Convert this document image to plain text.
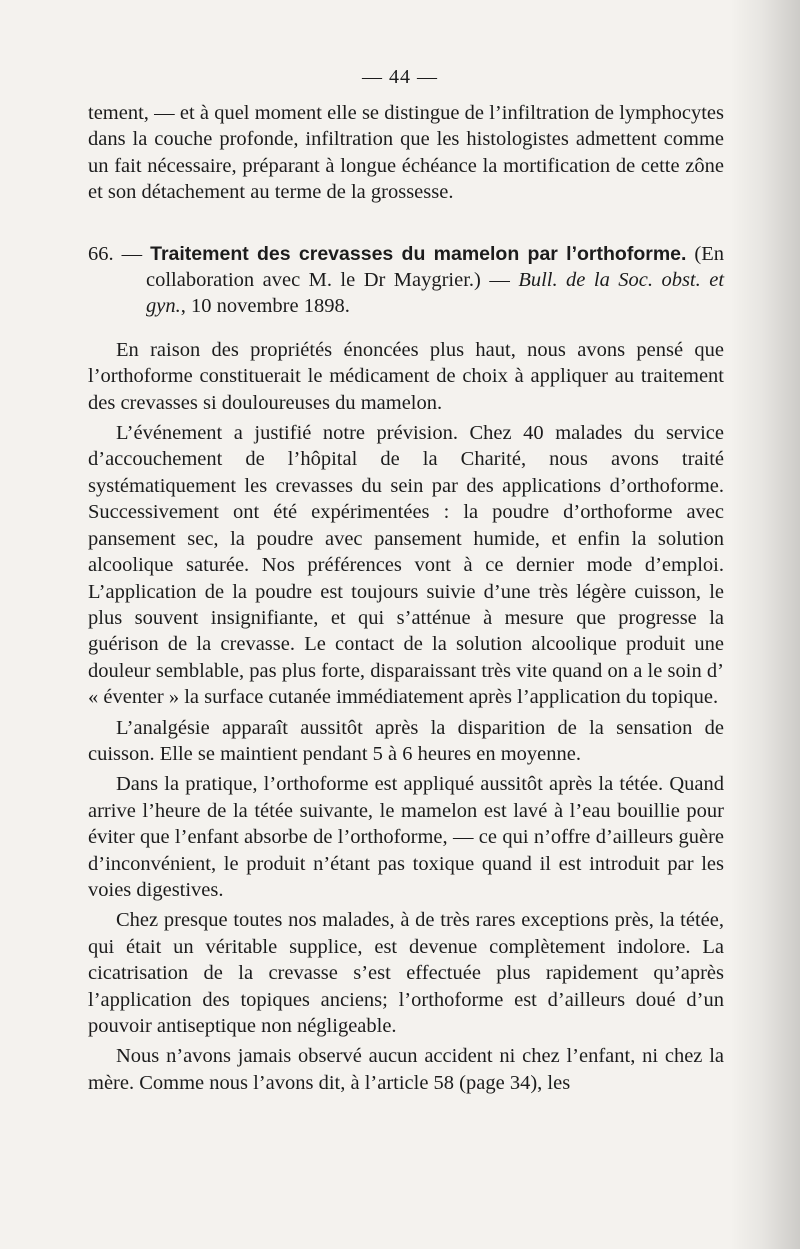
— 44 —

tement, — et à quel moment elle se distingue de l’infiltration de lymphocytes dans la couche profonde, infiltration que les histologistes admettent comme un fait nécessaire, préparant à longue échéance la mortification de cette zône et son détachement au terme de la grossesse.

66. — Traitement des crevasses du mamelon par l’orthoforme. (En collaboration avec M. le Dr Maygrier.) — Bull. de la Soc. obst. et gyn., 10 novembre 1898.

En raison des propriétés énoncées plus haut, nous avons pensé que l’orthoforme constituerait le médicament de choix à appliquer au traitement des crevasses si douloureuses du mamelon.

L’événement a justifié notre prévision. Chez 40 malades du service d’accouchement de l’hôpital de la Charité, nous avons traité systématiquement les crevasses du sein par des applications d’orthoforme. Successivement ont été expérimentées : la poudre d’orthoforme avec pansement sec, la poudre avec pansement humide, et enfin la solution alcoolique saturée. Nos préférences vont à ce dernier mode d’emploi. L’application de la poudre est toujours suivie d’une très légère cuisson, le plus souvent insignifiante, et qui s’atténue à mesure que progresse la guérison de la crevasse. Le contact de la solution alcoolique produit une douleur semblable, pas plus forte, disparaissant très vite quand on a le soin d’ « éventer » la surface cutanée immédiatement après l’application du topique.

L’analgésie apparaît aussitôt après la disparition de la sensation de cuisson. Elle se maintient pendant 5 à 6 heures en moyenne.

Dans la pratique, l’orthoforme est appliqué aussitôt après la tétée. Quand arrive l’heure de la tétée suivante, le mamelon est lavé à l’eau bouillie pour éviter que l’enfant absorbe de l’orthoforme, — ce qui n’offre d’ailleurs guère d’inconvénient, le produit n’étant pas toxique quand il est introduit par les voies digestives.

Chez presque toutes nos malades, à de très rares exceptions près, la tétée, qui était un véritable supplice, est devenue complètement indolore. La cicatrisation de la crevasse s’est effectuée plus rapidement qu’après l’application des topiques anciens; l’orthoforme est d’ailleurs doué d’un pouvoir antiseptique non négligeable.

Nous n’avons jamais observé aucun accident ni chez l’enfant, ni chez la mère. Comme nous l’avons dit, à l’article 58 (page 34), les
